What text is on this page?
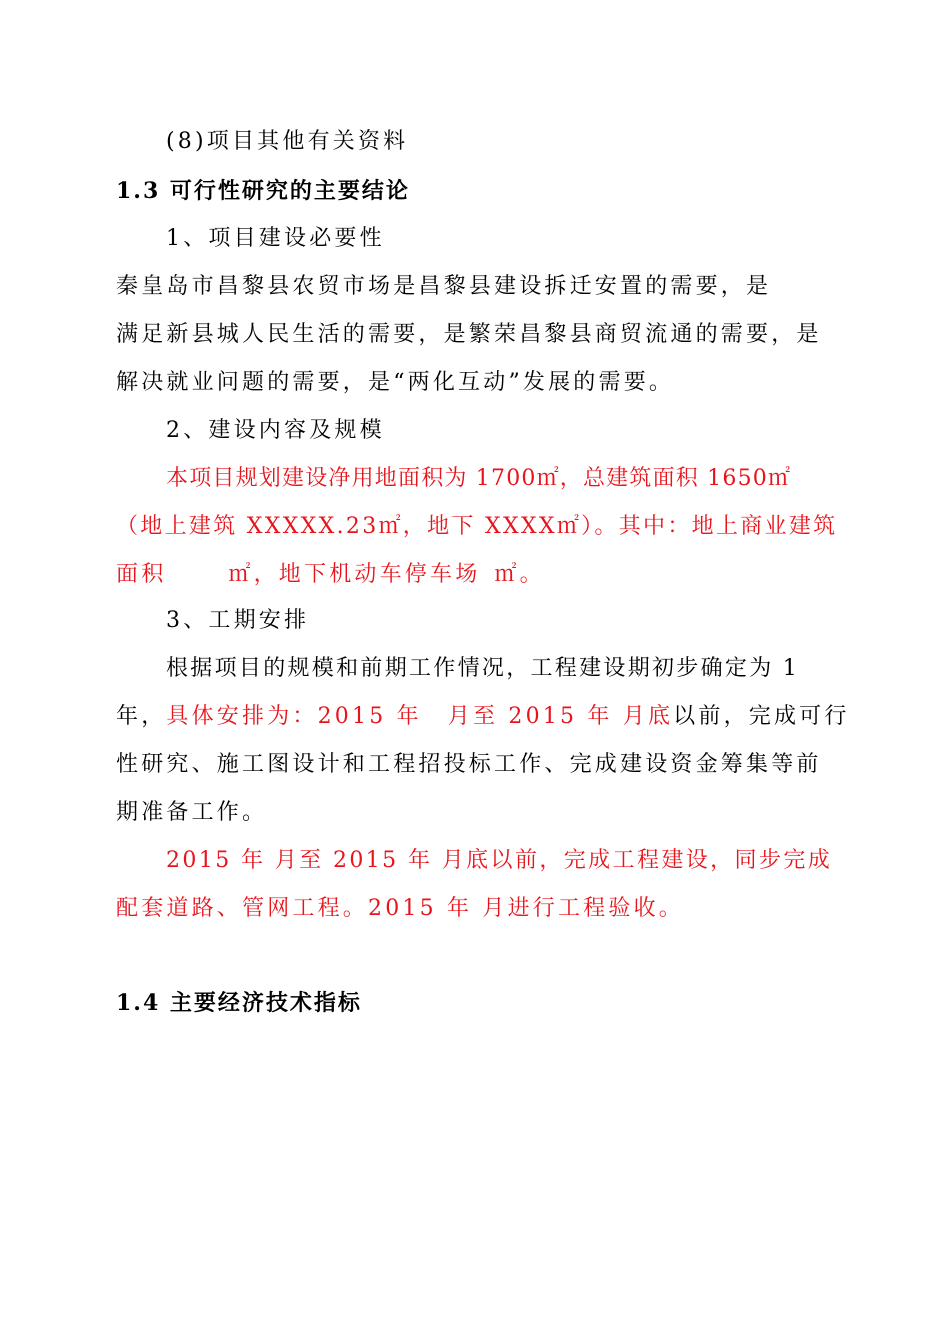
(8)项目其他有关资料
1.3 可行性研究的主要结论
1、项目建设必要性
秦皇岛市昌黎县农贸市场是昌黎县建设拆迁安置的需要，是
满足新县城人民生活的需要，是繁荣昌黎县商贸流通的需要，是
解决就业问题的需要，是“两化互动”发展的需要。
2、建设内容及规模
本项目规划建设净用地面积为 1700㎡，总建筑面积 1650㎡
（地上建筑 XXXXX.23㎡，地下 XXXX㎡）。其中：地上商业建筑
面积	㎡，地下机动车停车场 ㎡。
3、工期安排
根据项目的规模和前期工作情况，工程建设期初步确定为 1
年，具体安排为：2015 年 月至 2015 年 月底以前，完成可行
性研究、施工图设计和工程招投标工作、完成建设资金筹集等前
期准备工作。
2015 年 月至 2015 年 月底以前，完成工程建设，同步完成
配套道路、管网工程。2015 年 月进行工程验收。
1.4 主要经济技术指标
